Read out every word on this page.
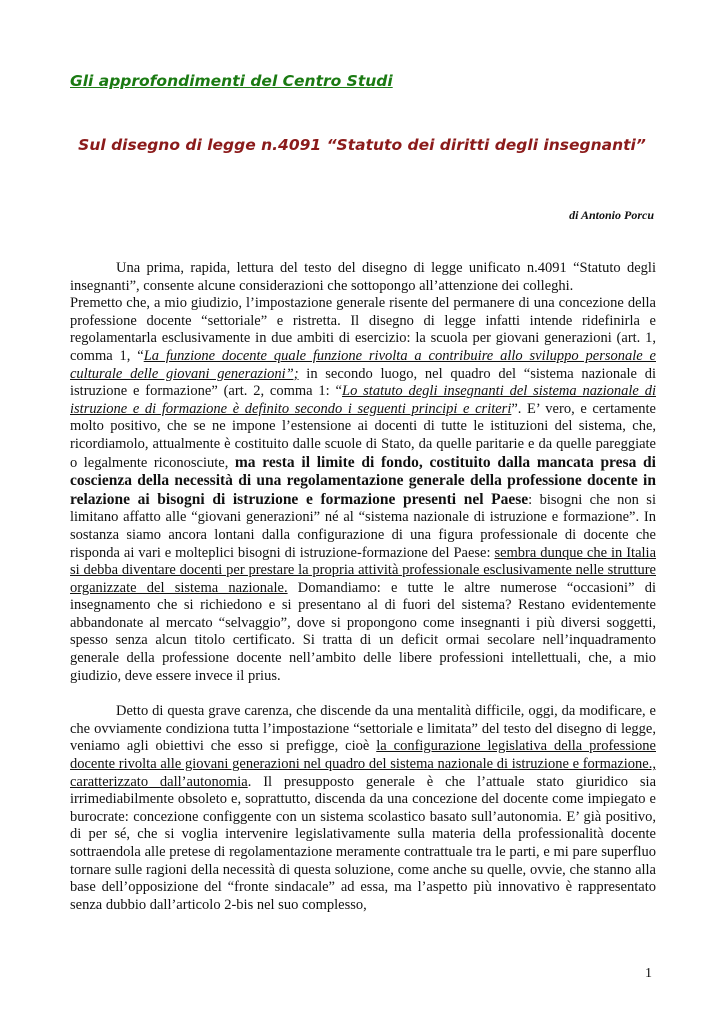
Gli approfondimenti del Centro Studi

Sul disegno di legge n.4091 “Statuto dei diritti degli insegnanti”

di Antonio Porcu

Una prima, rapida, lettura del testo del disegno di legge unificato n.4091 “Statuto degli insegnanti”, consente alcune considerazioni che sottopongo all’attenzione dei colleghi.

Premetto che, a mio giudizio, l’impostazione generale risente del permanere di una concezione della professione docente “settoriale” e ristretta. Il disegno di legge infatti intende ridefinirla e regolamentarla esclusivamente in due ambiti di esercizio: la scuola per giovani generazioni (art. 1, comma 1, “La funzione docente quale funzione rivolta a contribuire allo sviluppo personale e culturale delle giovani generazioni”; in secondo luogo, nel quadro del “sistema nazionale di istruzione e formazione” (art. 2, comma 1: “Lo statuto degli insegnanti del sistema nazionale di istruzione e di formazione è definito secondo i seguenti principi e criteri”. E’ vero, e certamente molto positivo, che se ne impone l’estensione ai docenti di tutte le istituzioni del sistema, che, ricordiamolo, attualmente è costituito dalle scuole di Stato, da quelle paritarie e da quelle pareggiate o legalmente riconosciute, ma resta il limite di fondo, costituito dalla mancata presa di coscienza della necessità di una regolamentazione generale della professione docente in relazione ai bisogni di istruzione e formazione presenti nel Paese: bisogni che non si limitano affatto alle “giovani generazioni” né al “sistema nazionale di istruzione e formazione”. In sostanza siamo ancora lontani dalla configurazione di una figura professionale di docente che risponda ai vari e molteplici bisogni di istruzione-formazione del Paese: sembra dunque che in Italia si debba diventare docenti per prestare la propria attività professionale esclusivamente nelle strutture organizzate del sistema nazionale. Domandiamo: e tutte le altre numerose “occasioni” di insegnamento che si richiedono e si presentano al di fuori del sistema? Restano evidentemente abbandonate al mercato “selvaggio”, dove si propongono come insegnanti i più diversi soggetti, spesso senza alcun titolo certificato. Si tratta di un deficit ormai secolare nell’inquadramento generale della professione docente nell’ambito delle libere professioni intellettuali, che, a mio giudizio, deve essere invece il prius.

Detto di questa grave carenza, che discende da una mentalità difficile, oggi, da modificare, e che ovviamente condiziona tutta l’impostazione “settoriale e limitata” del testo del disegno di legge, veniamo agli obiettivi che esso si prefigge, cioè la configurazione legislativa della professione docente rivolta alle giovani generazioni nel quadro del sistema nazionale di istruzione e formazione., caratterizzato dall’autonomia. Il presupposto generale è che l’attuale stato giuridico sia irrimediabilmente obsoleto e, soprattutto, discenda da una concezione del docente come impiegato e burocrate: concezione configgente con un sistema scolastico basato sull’autonomia. E’ già positivo, di per sé, che si voglia intervenire legislativamente sulla materia della professionalità docente sottraendola alle pretese di regolamentazione meramente contrattuale tra le parti, e mi pare superfluo tornare sulle ragioni della necessità di questa soluzione, come anche su quelle, ovvie, che stanno alla base dell’opposizione del “fronte sindacale” ad essa, ma l’aspetto più innovativo è rappresentato senza dubbio dall’articolo 2-bis nel suo complesso,

1
